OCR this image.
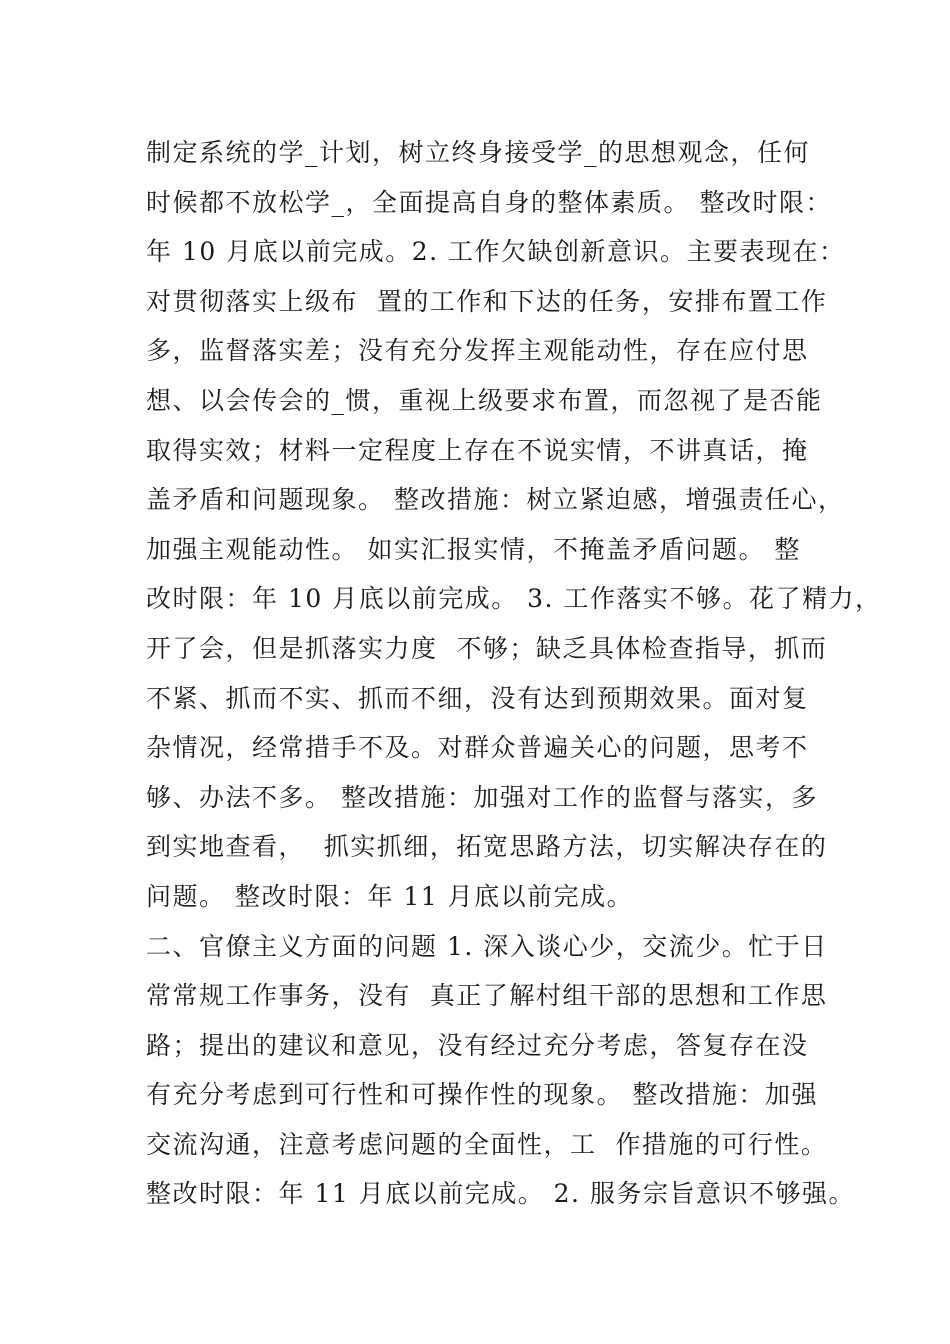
制定系统的学_计划，树立终身接受学_的思想观念，任何
时候都不放松学_，全面提高自身的整体素质。 整改时限：
年 10 月底以前完成。2. 工作欠缺创新意识。主要表现在：
对贯彻落实上级布  置的工作和下达的任务，安排布置工作
多，监督落实差；没有充分发挥主观能动性，存在应付思
想、以会传会的_惯，重视上级要求布置，而忽视了是否能
取得实效；材料一定程度上存在不说实情，不讲真话，掩
盖矛盾和问题现象。 整改措施：树立紧迫感，增强责任心，
加强主观能动性。 如实汇报实情，不掩盖矛盾问题。 整
改时限：年 10 月底以前完成。 3. 工作落实不够。花了精力，
开了会，但是抓落实力度  不够；缺乏具体检查指导，抓而
不紧、抓而不实、抓而不细，没有达到预期效果。面对复
杂情况，经常措手不及。对群众普遍关心的问题，思考不
够、办法不多。 整改措施：加强对工作的监督与落实，多
到实地查看，  抓实抓细，拓宽思路方法，切实解决存在的
问题。 整改时限：年 11 月底以前完成。
二、官僚主义方面的问题 1. 深入谈心少，交流少。忙于日
常常规工作事务，没有  真正了解村组干部的思想和工作思
路；提出的建议和意见，没有经过充分考虑，答复存在没
有充分考虑到可行性和可操作性的现象。 整改措施：加强
交流沟通，注意考虑问题的全面性，工  作措施的可行性。
整改时限：年 11 月底以前完成。 2. 服务宗旨意识不够强。
